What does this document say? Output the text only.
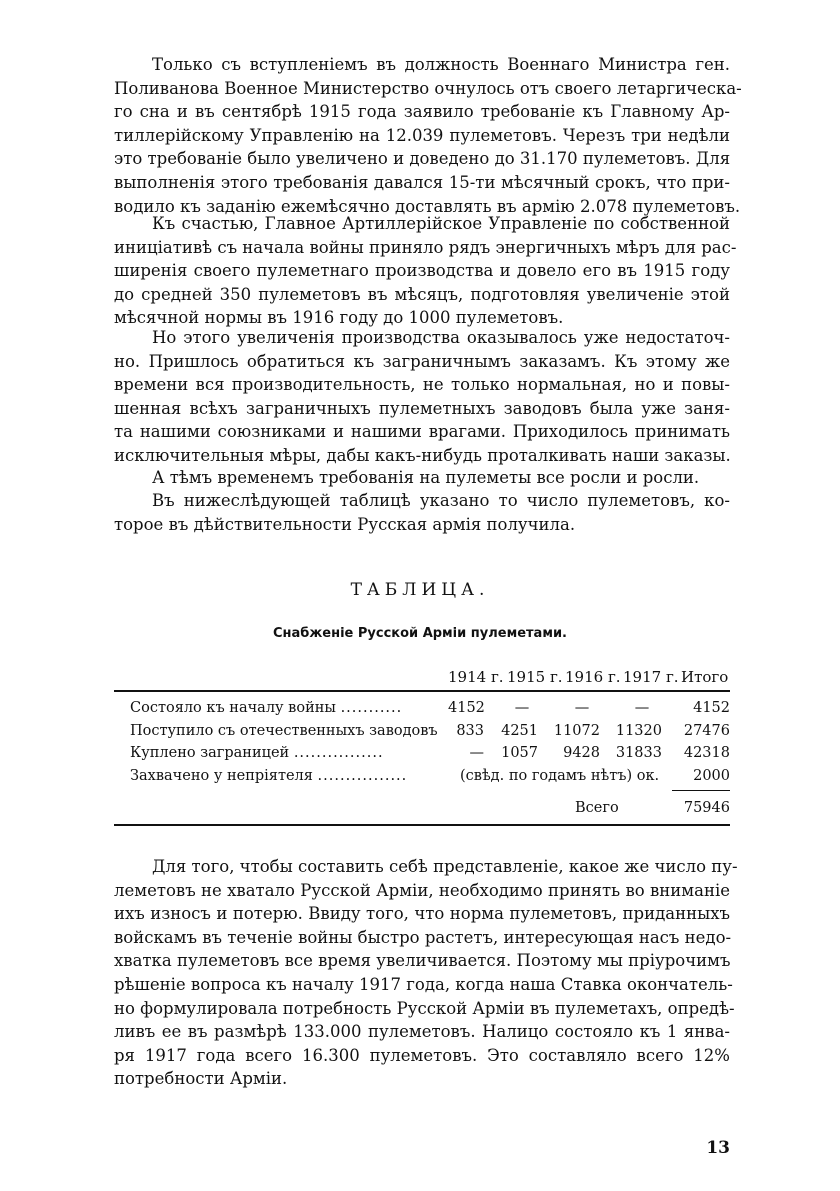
Только съ вступленіемъ въ должность Военнаго Министра ген.
Поливанова Военное Министерство очнулось отъ своего летаргическа-
го сна и въ сентябрѣ 1915 года заявило требованіе къ Главному Ар-
тиллерійскому Управленію на 12.039 пулеметовъ. Черезъ три недѣли
это требованіе было увеличено и доведено до 31.170 пулеметовъ. Для
выполненія этого требованія давался 15-ти мѣсячный срокъ, что при-
водило къ заданію ежемѣсячно доставлять въ армію 2.078 пулеметовъ.
Къ счастью, Главное Артиллерійское Управленіе по собственной
иниціативѣ съ начала войны приняло рядъ энергичныхъ мѣръ для рас-
ширенія своего пулеметнаго производства и довело его въ 1915 году
до средней 350 пулеметовъ въ мѣсяцъ, подготовляя увеличеніе этой
мѣсячной нормы въ 1916 году до 1000 пулеметовъ.
Но этого увеличенія производства оказывалось уже недостаточ-
но. Пришлось обратиться къ заграничнымъ заказамъ. Къ этому же
времени вся производительность, не только нормальная, но и повы-
шенная всѣхъ заграничныхъ пулеметныхъ заводовъ была уже заня-
та нашими союзниками и нашими врагами. Приходилось принимать
исключительныя мѣры, дабы какъ-нибудь проталкивать наши заказы.
А тѣмъ временемъ требованія на пулеметы все росли и росли.
Въ нижеслѣдующей таблицѣ указано то число пулеметовъ, ко-
торое въ дѣйствительности Русская армія получила.
ТАБЛИЦА.
Снабженіе Русской Арміи пулеметами.
1914 г. 1915 г. 1916 г. 1917 г. Итого
Состояло къ началу войны ...........	4152	—	—	—	4152
Поступило съ отечественныхъ заводовъ	833	4251 11072 11320 27476
Куплено заграницей ................	—	1057	9428 31833 42318
Захвачено у непріятеля ................	(свѣд. по годамъ нѣтъ) ок.	2000
Всего	75946
Для того, чтобы составить себѣ представленіе, какое же число пу-
леметовъ не хватало Русской Арміи, необходимо принять во вниманіе
ихъ износъ и потерю. Ввиду того, что норма пулеметовъ, приданныхъ
войскамъ въ теченіе войны быстро растетъ, интересующая насъ недо-
хватка пулеметовъ все время увеличивается. Поэтому мы пріурочимъ
рѣшеніе вопроса къ началу 1917 года, когда наша Ставка окончатель-
но формулировала потребность Русской Арміи въ пулеметахъ, опредѣ-
ливъ ее въ размѣрѣ 133.000 пулеметовъ. Налицо состояло къ 1 янва-
ря 1917 года всего 16.300 пулеметовъ. Это составляло всего 12%
потребности Арміи.
13
